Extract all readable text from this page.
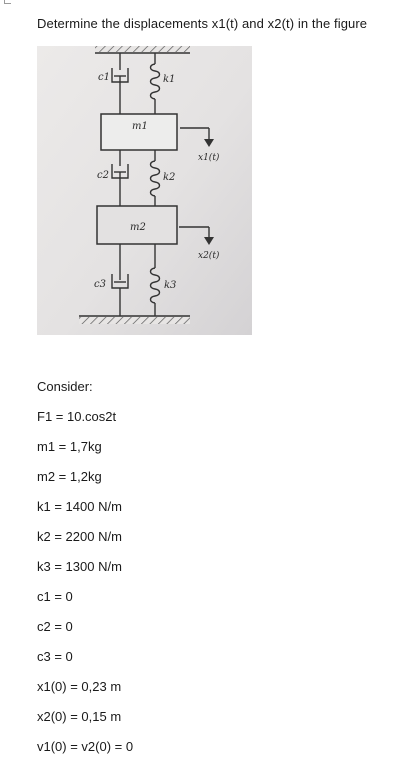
Determine the displacements x1(t) and x2(t) in the figure
c1	k1
m1
x1(t)
c2	k2
m2
x2(t)
c3	k3
Consider:
F1 = 10.cos2t
m1 = 1,7kg
m2 = 1,2kg
k1 = 1400 N/m
k2 = 2200 N/m
k3 = 1300 N/m
c1 = 0
c2 = 0
c3 = 0
x1(0) = 0,23 m
x2(0) = 0,15 m
v1(0) = v2(0) = 0
